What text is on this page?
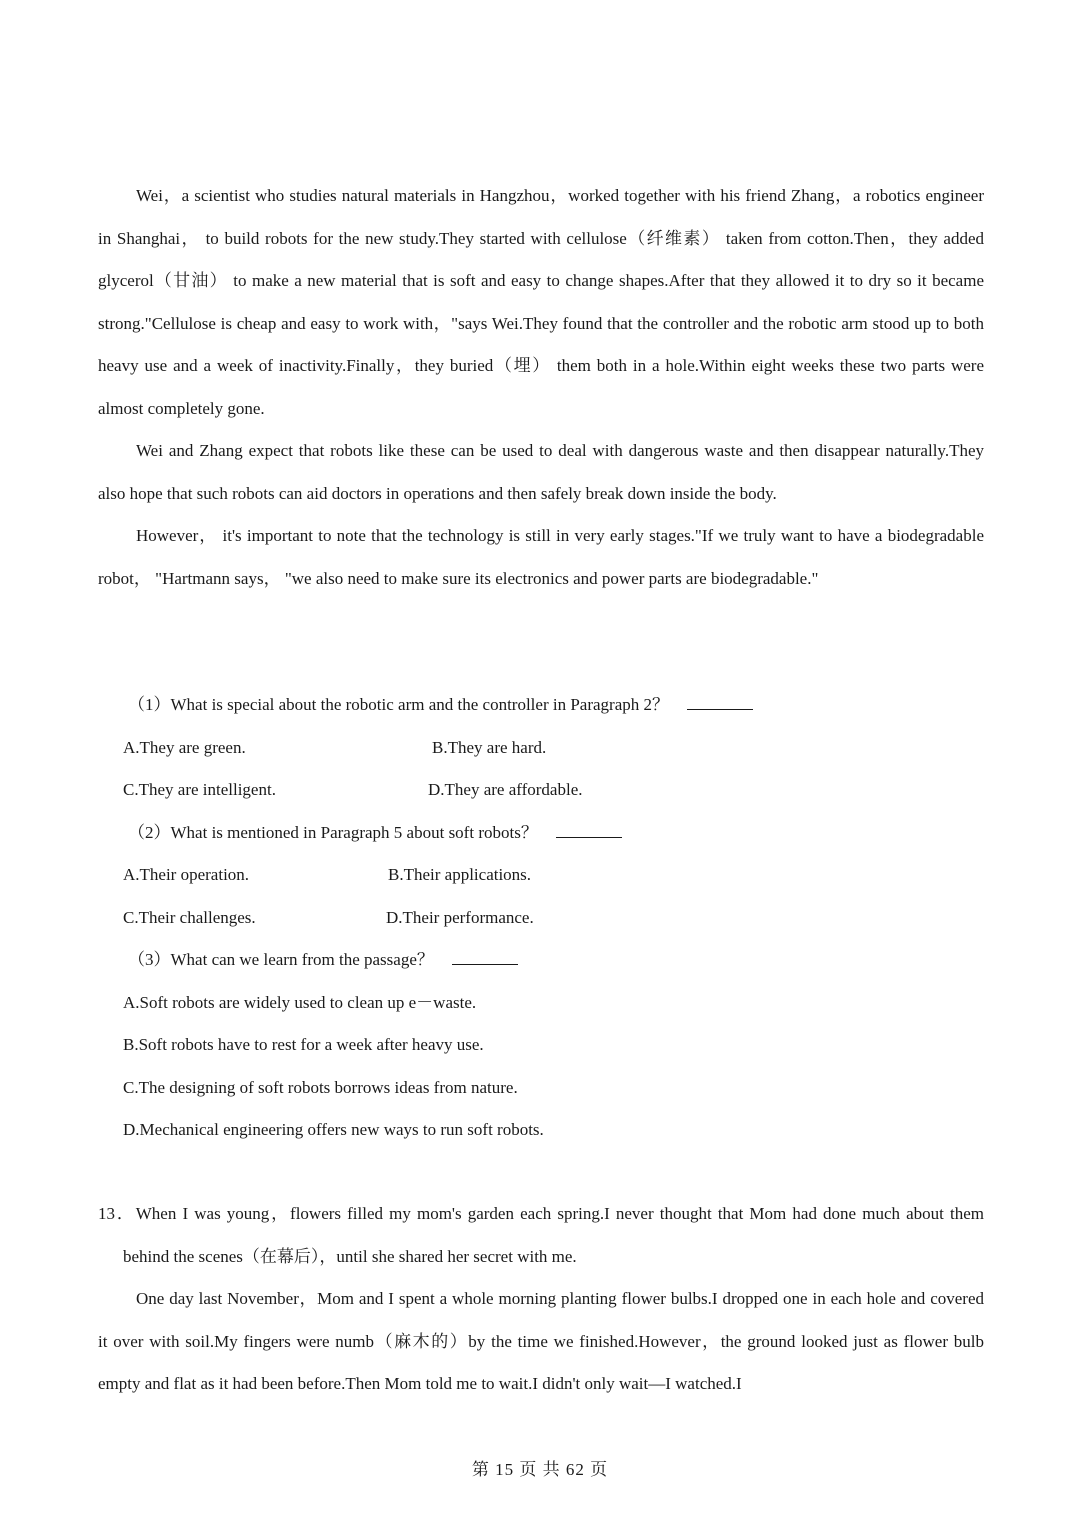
Wei，a scientist who studies natural materials in Hangzhou，worked together with his friend Zhang，a robotics engineer in Shanghai， to build robots for the new study.They started with cellulose（纤维素） taken from cotton.Then，they added glycerol（甘油） to make a new material that is soft and easy to change shapes.After that they allowed it to dry so it became strong."Cellulose is cheap and easy to work with，"says Wei.They found that the controller and the robotic arm stood up to both heavy use and a week of inactivity.Finally，they buried（埋） them both in a hole.Within eight weeks these two parts were almost completely gone.

Wei and Zhang expect that robots like these can be used to deal with dangerous waste and then disappear naturally.They also hope that such robots can aid doctors in operations and then safely break down inside the body.

However， it's important to note that the technology is still in very early stages."If we truly want to have a biodegradable robot， "Hartmann says， "we also need to make sure its electronics and power parts are biodegradable."

（1）What is special about the robotic arm and the controller in Paragraph 2？
A.They are green.	B.They are hard.
C.They are intelligent.	D.They are affordable.
（2）What is mentioned in Paragraph 5 about soft robots？
A.Their operation.	B.Their applications.
C.Their challenges.	D.Their performance.
（3）What can we learn from the passage？
A.Soft robots are widely used to clean up e－waste.
B.Soft robots have to rest for a week after heavy use.
C.The designing of soft robots borrows ideas from nature.
D.Mechanical engineering offers new ways to run soft robots.

13．When I was young，flowers filled my mom's garden each spring.I never thought that Mom had done much about them behind the scenes（在幕后），until she shared her secret with me.

One day last November，Mom and I spent a whole morning planting flower bulbs.I dropped one in each hole and covered it over with soil.My fingers were numb（麻木的）by the time we finished.However，the ground looked just as flower bulb empty and flat as it had been before.Then Mom told me to wait.I didn't only wait—I watched.I

第 15 页 共 62 页
